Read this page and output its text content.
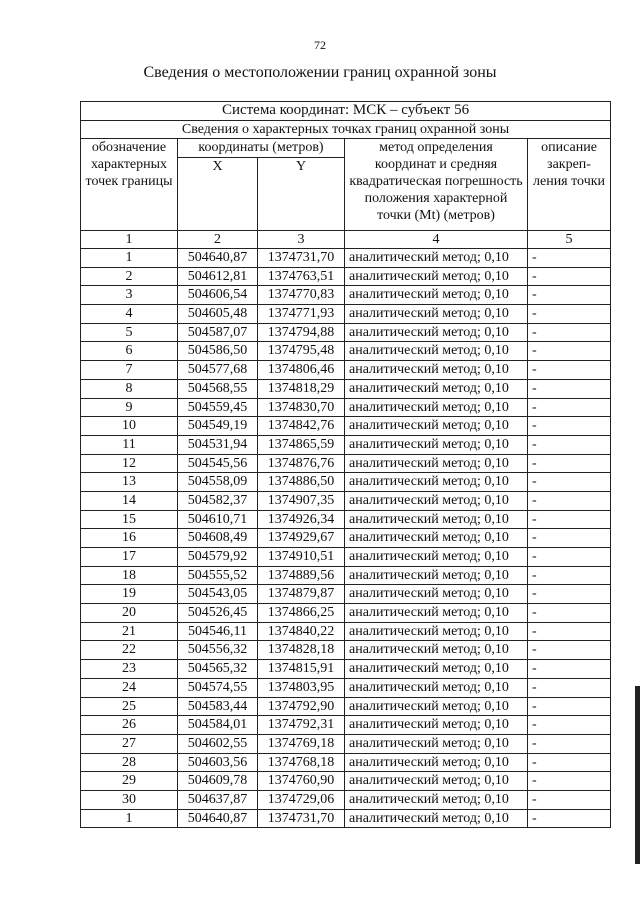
72
Сведения о местоположении границ охранной зоны
Система координат: МСК – субъект 56				
Сведения о характерных точках границ охранной зоны				
обозначение характерных точек границы	координаты (метров)		метод определения координат и средняя квадратическая погрешность положения характерной точки (Mt) (метров)	описание закреп-ления точки
	X	Y		
1	2	3	4	5
1	504640,87	1374731,70	аналитический метод; 0,10	-
2	504612,81	1374763,51	аналитический метод; 0,10	-
3	504606,54	1374770,83	аналитический метод; 0,10	-
4	504605,48	1374771,93	аналитический метод; 0,10	-
5	504587,07	1374794,88	аналитический метод; 0,10	-
6	504586,50	1374795,48	аналитический метод; 0,10	-
7	504577,68	1374806,46	аналитический метод; 0,10	-
8	504568,55	1374818,29	аналитический метод; 0,10	-
9	504559,45	1374830,70	аналитический метод; 0,10	-
10	504549,19	1374842,76	аналитический метод; 0,10	-
11	504531,94	1374865,59	аналитический метод; 0,10	-
12	504545,56	1374876,76	аналитический метод; 0,10	-
13	504558,09	1374886,50	аналитический метод; 0,10	-
14	504582,37	1374907,35	аналитический метод; 0,10	-
15	504610,71	1374926,34	аналитический метод; 0,10	-
16	504608,49	1374929,67	аналитический метод; 0,10	-
17	504579,92	1374910,51	аналитический метод; 0,10	-
18	504555,52	1374889,56	аналитический метод; 0,10	-
19	504543,05	1374879,87	аналитический метод; 0,10	-
20	504526,45	1374866,25	аналитический метод; 0,10	-
21	504546,11	1374840,22	аналитический метод; 0,10	-
22	504556,32	1374828,18	аналитический метод; 0,10	-
23	504565,32	1374815,91	аналитический метод; 0,10	-
24	504574,55	1374803,95	аналитический метод; 0,10	-
25	504583,44	1374792,90	аналитический метод; 0,10	-
26	504584,01	1374792,31	аналитический метод; 0,10	-
27	504602,55	1374769,18	аналитический метод; 0,10	-
28	504603,56	1374768,18	аналитический метод; 0,10	-
29	504609,78	1374760,90	аналитический метод; 0,10	-
30	504637,87	1374729,06	аналитический метод; 0,10	-
1	504640,87	1374731,70	аналитический метод; 0,10	-
